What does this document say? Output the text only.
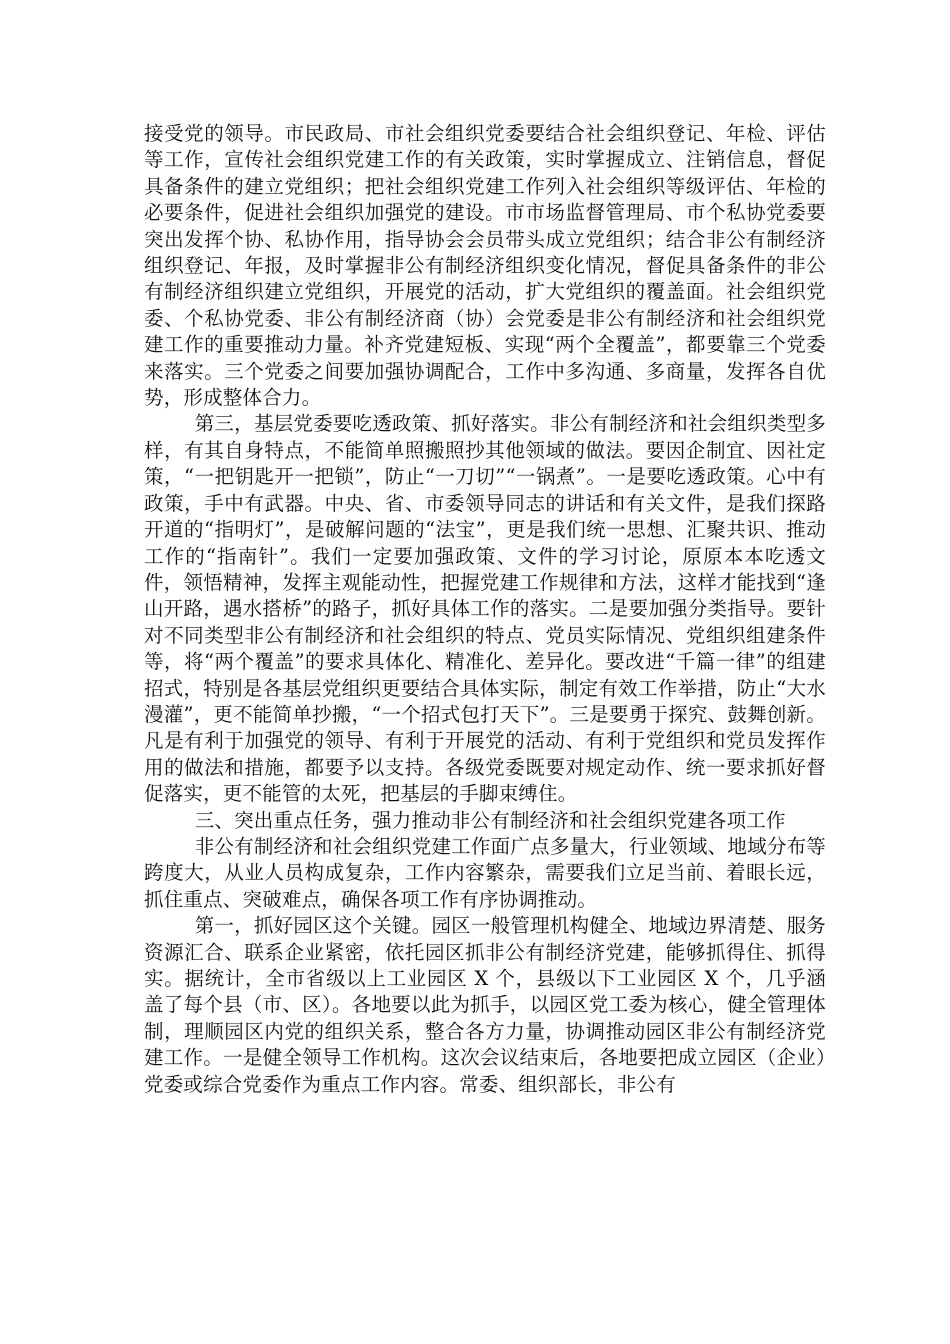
接受党的领导。市民政局、市社会组织党委要结合社会组织登记、年检、评估等工作，宣传社会组织党建工作的有关政策，实时掌握成立、注销信息，督促具备条件的建立党组织；把社会组织党建工作列入社会组织等级评估、年检的必要条件，促进社会组织加强党的建设。市市场监督管理局、市个私协党委要突出发挥个协、私协作用，指导协会会员带头成立党组织；结合非公有制经济组织登记、年报，及时掌握非公有制经济组织变化情况，督促具备条件的非公有制经济组织建立党组织，开展党的活动，扩大党组织的覆盖面。社会组织党委、个私协党委、非公有制经济商（协）会党委是非公有制经济和社会组织党建工作的重要推动力量。补齐党建短板、实现“两个全覆盖”，都要靠三个党委来落实。三个党委之间要加强协调配合，工作中多沟通、多商量，发挥各自优势，形成整体合力。

第三，基层党委要吃透政策、抓好落实。非公有制经济和社会组织类型多样，有其自身特点，不能简单照搬照抄其他领域的做法。要因企制宜、因社定策，“一把钥匙开一把锁”，防止“一刀切”“一锅煮”。一是要吃透政策。心中有政策，手中有武器。中央、省、市委领导同志的讲话和有关文件，是我们探路开道的“指明灯”，是破解问题的“法宝”，更是我们统一思想、汇聚共识、推动工作的“指南针”。我们一定要加强政策、文件的学习讨论，原原本本吃透文件，领悟精神，发挥主观能动性，把握党建工作规律和方法，这样才能找到“逢山开路，遇水搭桥”的路子，抓好具体工作的落实。二是要加强分类指导。要针对不同类型非公有制经济和社会组织的特点、党员实际情况、党组织组建条件等，将“两个覆盖”的要求具体化、精准化、差异化。要改进“千篇一律”的组建招式，特别是各基层党组织更要结合具体实际，制定有效工作举措，防止“大水漫灌”，更不能简单抄搬，“一个招式包打天下”。三是要勇于探究、鼓舞创新。凡是有利于加强党的领导、有利于开展党的活动、有利于党组织和党员发挥作用的做法和措施，都要予以支持。各级党委既要对规定动作、统一要求抓好督促落实，更不能管的太死，把基层的手脚束缚住。

三、突出重点任务，强力推动非公有制经济和社会组织党建各项工作

非公有制经济和社会组织党建工作面广点多量大，行业领域、地域分布等跨度大，从业人员构成复杂，工作内容繁杂，需要我们立足当前、着眼长远，抓住重点、突破难点，确保各项工作有序协调推动。

第一，抓好园区这个关键。园区一般管理机构健全、地域边界清楚、服务资源汇合、联系企业紧密，依托园区抓非公有制经济党建，能够抓得住、抓得实。据统计，全市省级以上工业园区 X 个，县级以下工业园区 X 个，几乎涵盖了每个县（市、区）。各地要以此为抓手，以园区党工委为核心，健全管理体制，理顺园区内党的组织关系，整合各方力量，协调推动园区非公有制经济党建工作。一是健全领导工作机构。这次会议结束后，各地要把成立园区（企业）党委或综合党委作为重点工作内容。常委、组织部长，非公有
